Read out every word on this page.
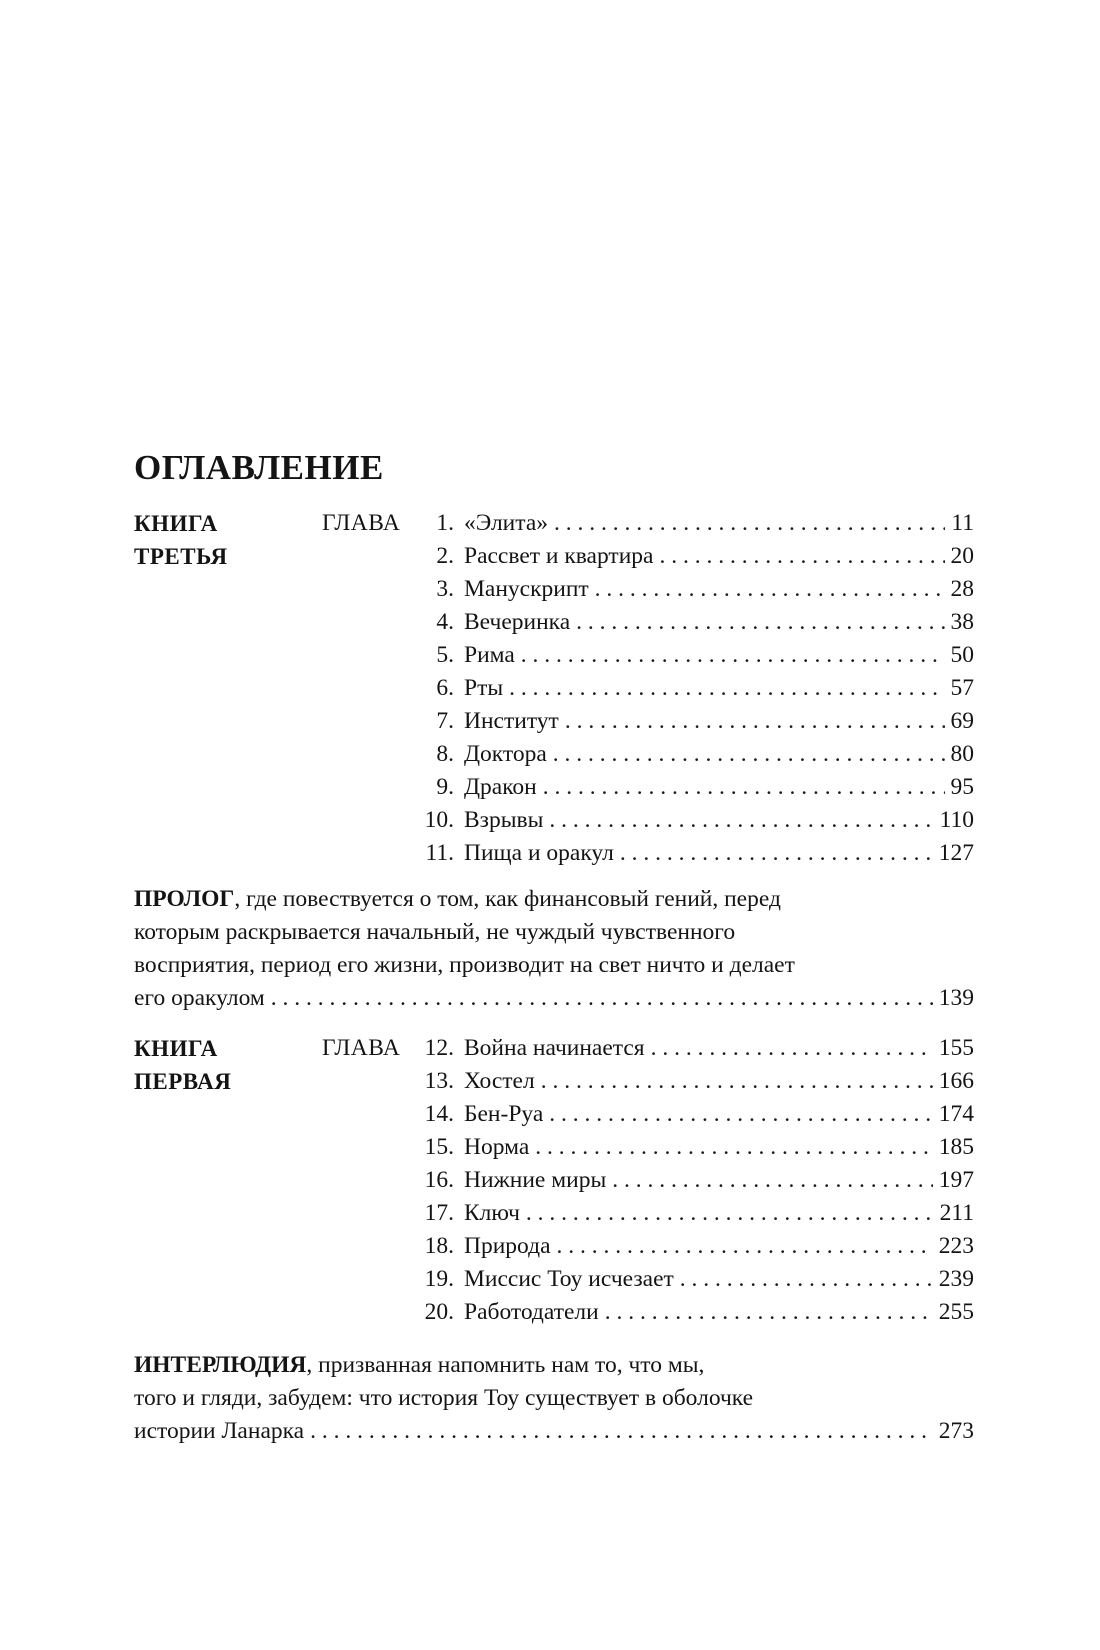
ОГЛАВЛЕНИЕ
КНИГА
ТРЕТЬЯ
ГЛАВА	1. «Элита» . . .	11
2. Рассвет и квартира . . .	20
3. Манускрипт . . .	28
4. Вечеринка . . .	38
5. Рима . . .	50
6. Рты . . .	57
7. Институт . . .	69
8. Доктора . . .	80
9. Дракон . . .	95
10. Взрывы . . .	110
11. Пища и оракул . . .	127
ПРОЛОГ, где повествуется о том, как финансовый гений, перед
которым раскрывается начальный, не чуждый чувственного
восприятия, период его жизни, производит на свет ничто и делает
его оракулом . . .	139
КНИГА
ПЕРВАЯ
ГЛАВА	12. Война начинается . . .	155
13. Хостел . . .	166
14. Бен-Руа . . .	174
15. Норма . . .	185
16. Нижние миры . . .	197
17. Ключ . . .	211
18. Природа . . .	223
19. Миссис Тоу исчезает . . .	239
20. Работодатели . . .	255
ИНТЕРЛЮДИЯ, призванная напомнить нам то, что мы,
того и гляди, забудем: что история Тоу существует в оболочке
истории Ланарка . . .	273
